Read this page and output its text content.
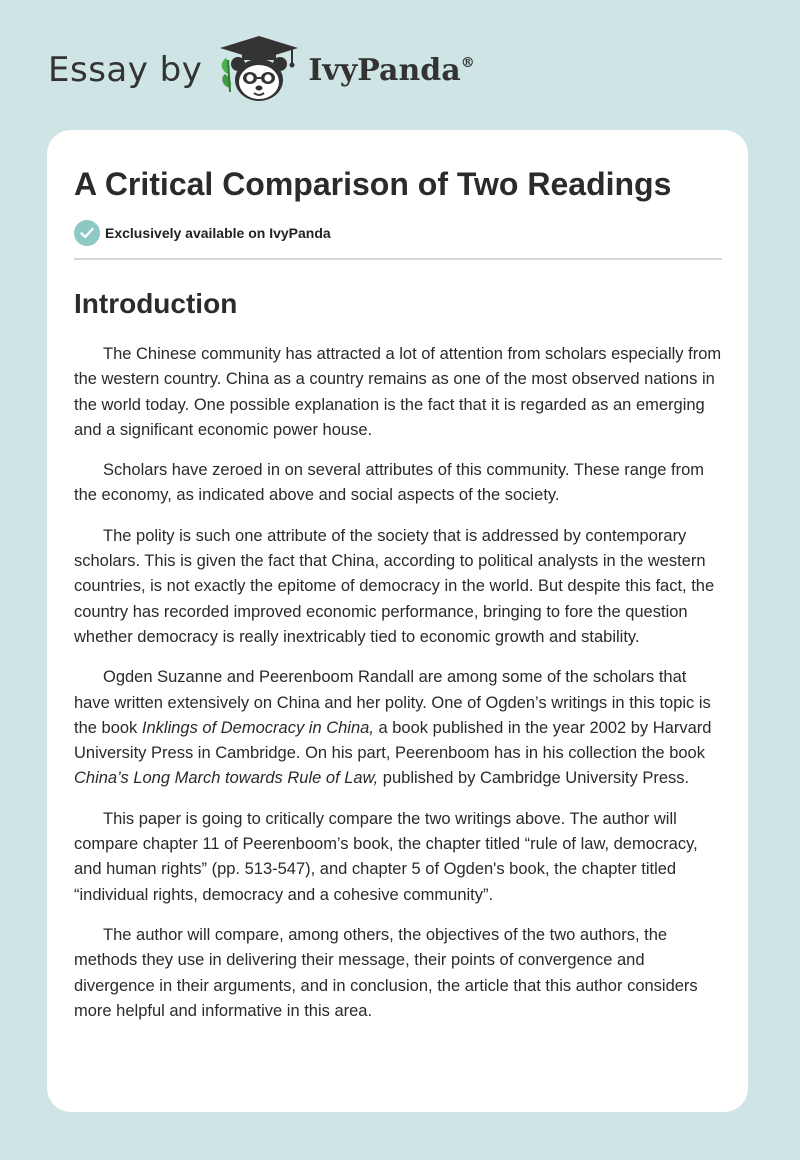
Essay by	IvyPanda®
A Critical Comparison of Two Readings
Exclusively available on IvyPanda
Introduction

The Chinese community has attracted a lot of attention from scholars especially from the western country. China as a country remains as one of the most observed nations in the world today. One possible explanation is the fact that it is regarded as an emerging and a significant economic power house.

Scholars have zeroed in on several attributes of this community. These range from the economy, as indicated above and social aspects of the society.

The polity is such one attribute of the society that is addressed by contemporary scholars. This is given the fact that China, according to political analysts in the western countries, is not exactly the epitome of democracy in the world. But despite this fact, the country has recorded improved economic performance, bringing to fore the question whether democracy is really inextricably tied to economic growth and stability.

Ogden Suzanne and Peerenboom Randall are among some of the scholars that have written extensively on China and her polity. One of Ogden’s writings in this topic is the book Inklings of Democracy in China, a book published in the year 2002 by Harvard University Press in Cambridge. On his part, Peerenboom has in his collection the book China’s Long March towards Rule of Law, published by Cambridge University Press.

This paper is going to critically compare the two writings above. The author will compare chapter 11 of Peerenboom’s book, the chapter titled “rule of law, democracy, and human rights” (pp. 513-547), and chapter 5 of Ogden's book, the chapter titled “individual rights, democracy and a cohesive community”.

The author will compare, among others, the objectives of the two authors, the methods they use in delivering their message, their points of convergence and divergence in their arguments, and in conclusion, the article that this author considers more helpful and informative in this area.
